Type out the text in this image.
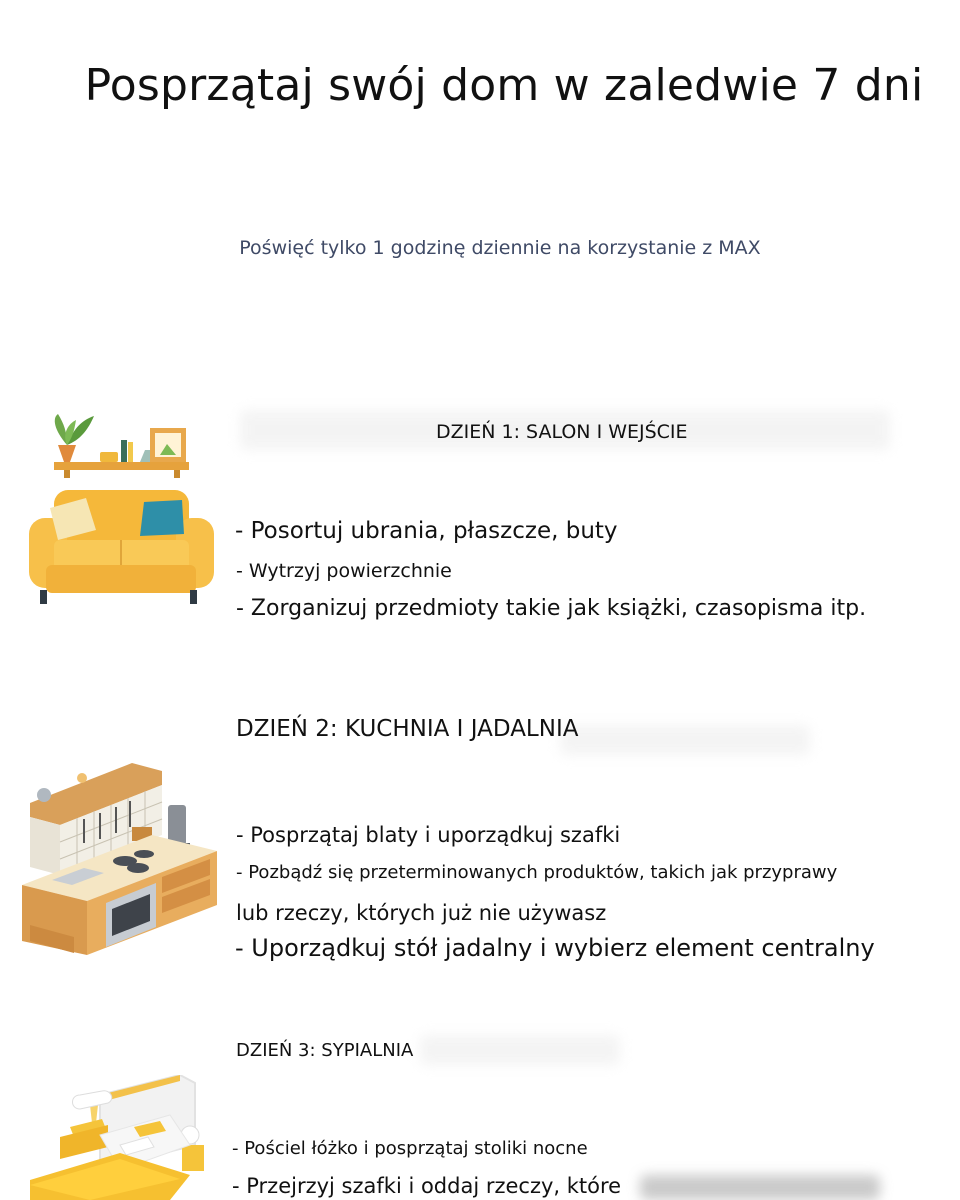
Posprzątaj swój dom w zaledwie 7 dni
Poświęć tylko 1 godzinę dziennie na korzystanie z MAX
DZIEŃ 1: SALON I WEJŚCIE
- Posortuj ubrania, płaszcze, buty
- Wytrzyj powierzchnie
- Zorganizuj przedmioty takie jak książki, czasopisma itp.
DZIEŃ 2: KUCHNIA I JADALNIA
- Posprzątaj blaty i uporządkuj szafki
- Pozbądź się przeterminowanych produktów, takich jak przyprawy
lub rzeczy, których już nie używasz
- Uporządkuj stół jadalny i wybierz element centralny
DZIEŃ 3: SYPIALNIA
- Pościel łóżko i posprzątaj stoliki nocne
- Przejrzyj szafki i oddaj rzeczy, które
